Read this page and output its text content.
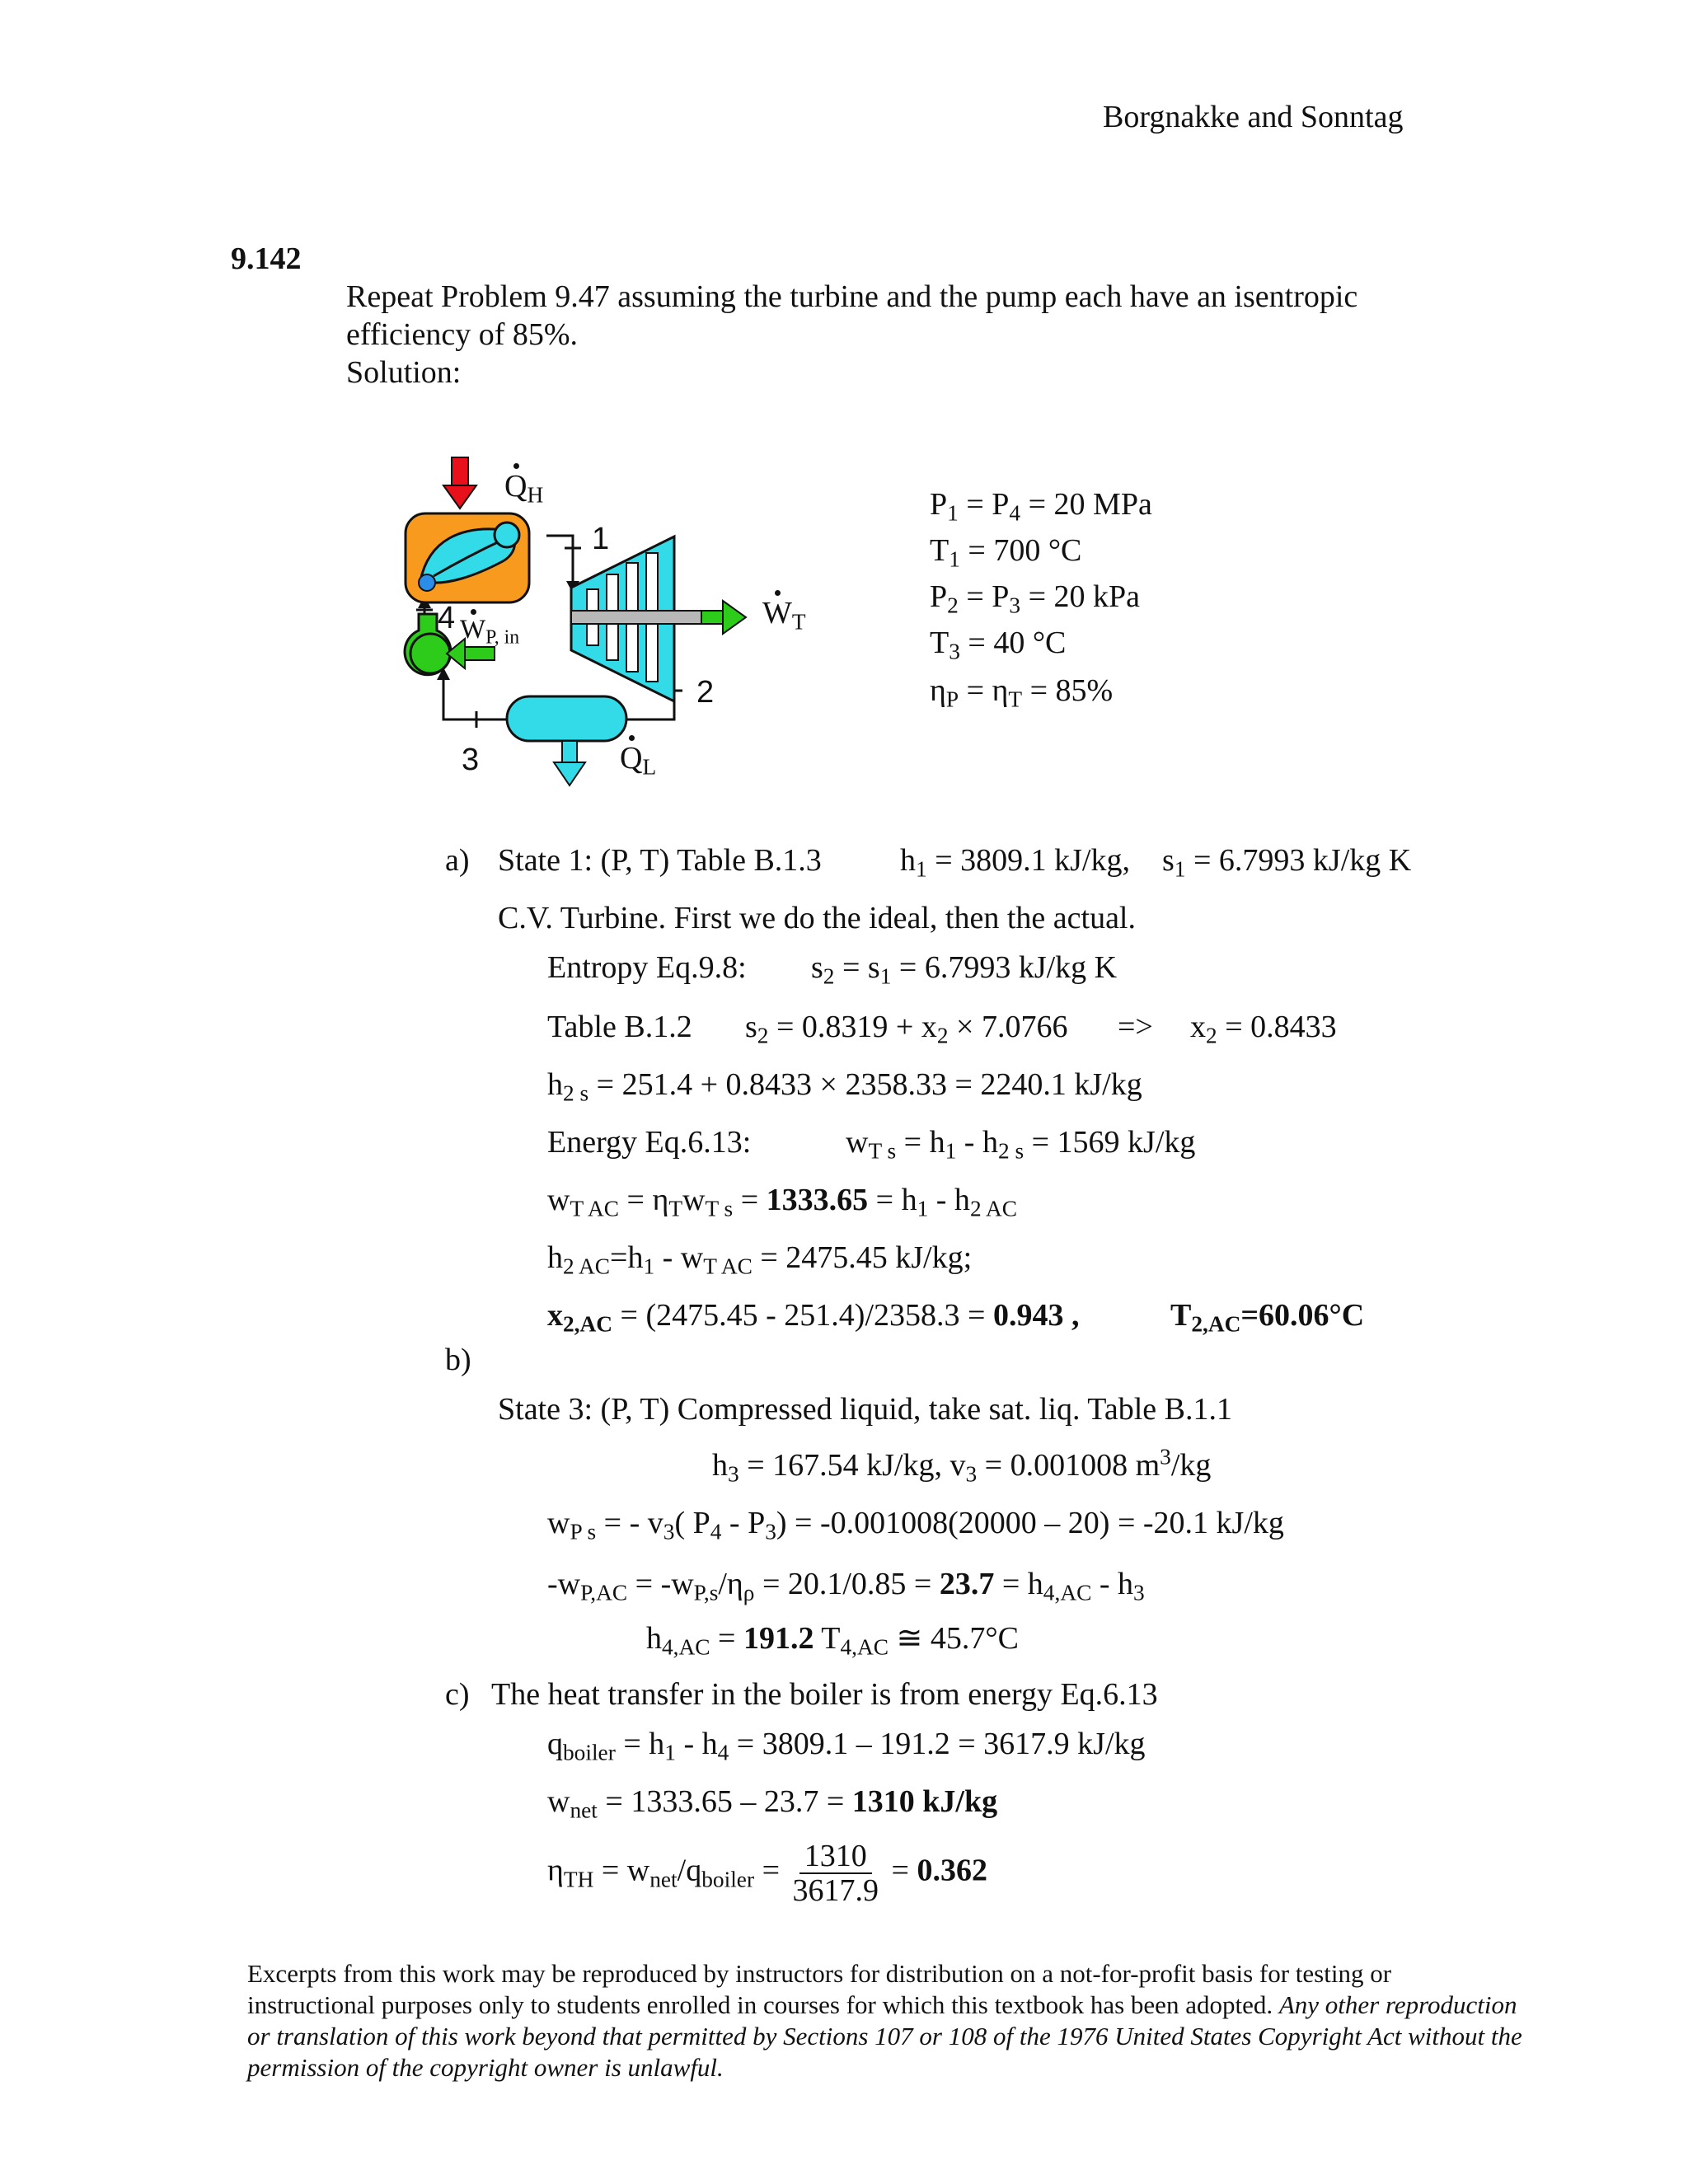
Borgnakke and Sonntag
9.142
Repeat Problem 9.47 assuming the turbine and the pump each have an isentropic
efficiency of 85%.
Solution:
$Q_H$
1
2
3
4	$W_T$
$W_{P, in}$
$Q_L$
$P_1 = P_4 = 20$ MPa
$T_1 = 700$ °C
$P_2 = P_3 = 20$ kPa
$T_3 = 40$ °C
$\eta_P = \eta_T = 85\%$
a) State 1: (P, T) Table B.1.3	$h_1 = 3809.1$ kJ/kg, $s_1 = 6.7993$ kJ/kg K
C.V. Turbine. First we do the ideal, then the actual.
Entropy Eq.9.8: $s_2 = s_1 = 6.7993$ kJ/kg K
Table B.1.2 $s_2 = 0.8319 + x_2 \times 7.0766 => x_2 = 0.8433$
$h_{2 s} = 251.4 + 0.8433 \times 2358.33 = 2240.1$ kJ/kg
Energy Eq.6.13:	$w_{T s} = h_1 - h_{2 s} = 1569$ kJ/kg
$w_{T AC} = \eta_Tw_{T s} = 1333.65 = h_1 - h_{2 AC}$
$h_{2 AC}=h_1 - w_{T AC} = 2475.45$ kJ/kg;
$x_{2,AC} = (2475.45 - 251.4)/2358.3 = 0.943$ ,	$T_{2,AC}=60.06^\circ C$
b)
State 3: (P, T) Compressed liquid, take sat. liq. Table B.1.1
$h_3 = 167.54$ kJ/kg, $v_3 = 0.001008$ $m^3/kg$
$w_{P s}$ = - $v_3$( $P_4 - P_3) = -0.001008(20000 - 20) = -20.1$ kJ/kg
$-w_{P,AC} = -w_{P,s}/\eta_\rho = 20.1/0.85 = 23.7 = h_{4,AC} - h_3$
$h_{4,AC} = 191.2$ $T_{4,AC}$ ≅ 45.7°C
c) The heat transfer in the boiler is from energy Eq.6.13
$q_{boiler} = h_1 - h_4 = 3809.1 - 191.2 = 3617.9$ kJ/kg
$w_{net} = 1333.65 - 23.7 = 1310$ kJ/kg
$\eta_{TH} = w_{net}/q_{boiler} = \frac{1310}{3617.9} = 0.362$
Excerpts from this work may be reproduced by instructors for distribution on a not-for-profit basis for testing or instructional purposes only to students enrolled in courses for which this textbook has been adopted. Any other reproduction or translation of this work beyond that permitted by Sections 107 or 108 of the 1976 United States Copyright Act without the permission of the copyright owner is unlawful.
